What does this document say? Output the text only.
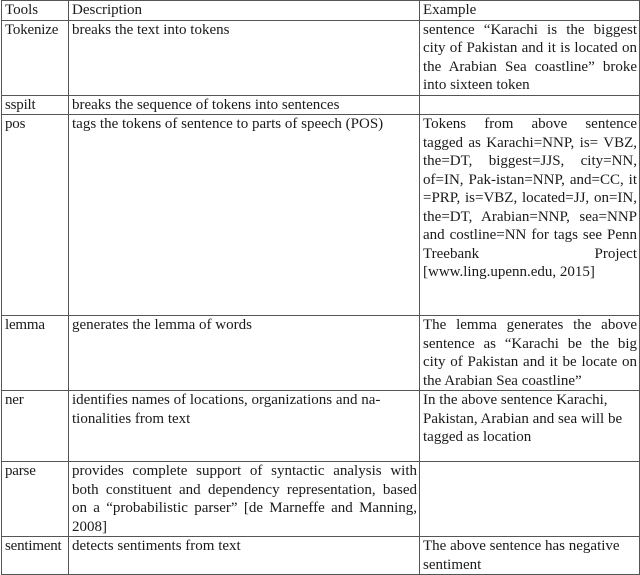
Tools	Description	Example
Tokenize	breaks the text into tokens	sentence “Karachi is the biggest city of Pakistan and it is located on the Arabian Sea coastline” broke into sixteen token
sspilt	breaks the sequence of tokens into sentences	
pos	tags the tokens of sentence to parts of speech (POS)	Tokens from above sentence tagged as Karachi=NNP, is= VBZ, the=DT, biggest=JJS, city=NN, of=IN, Pak-istan=NNP, and=CC, it =PRP, is=VBZ, located=JJ, on=IN, the=DT, Arabian=NNP, sea=NNP and costline=NN for tags see Penn Treebank Project [www.ling.upenn.edu, 2015]
lemma	generates the lemma of words	The lemma generates the above sentence as “Karachi be the big city of Pakistan and it be locate on the Arabian Sea coastline”
ner	identifies names of locations, organizations and na-tionalities from text	In the above sentence Karachi, Pakistan, Arabian and sea will be tagged as location
parse	provides complete support of syntactic analysis with both constituent and dependency representation, based on a “probabilistic parser” [de Marneffe and Manning, 2008]	
sentiment	detects sentiments from text	The above sentence has negative sentiment
